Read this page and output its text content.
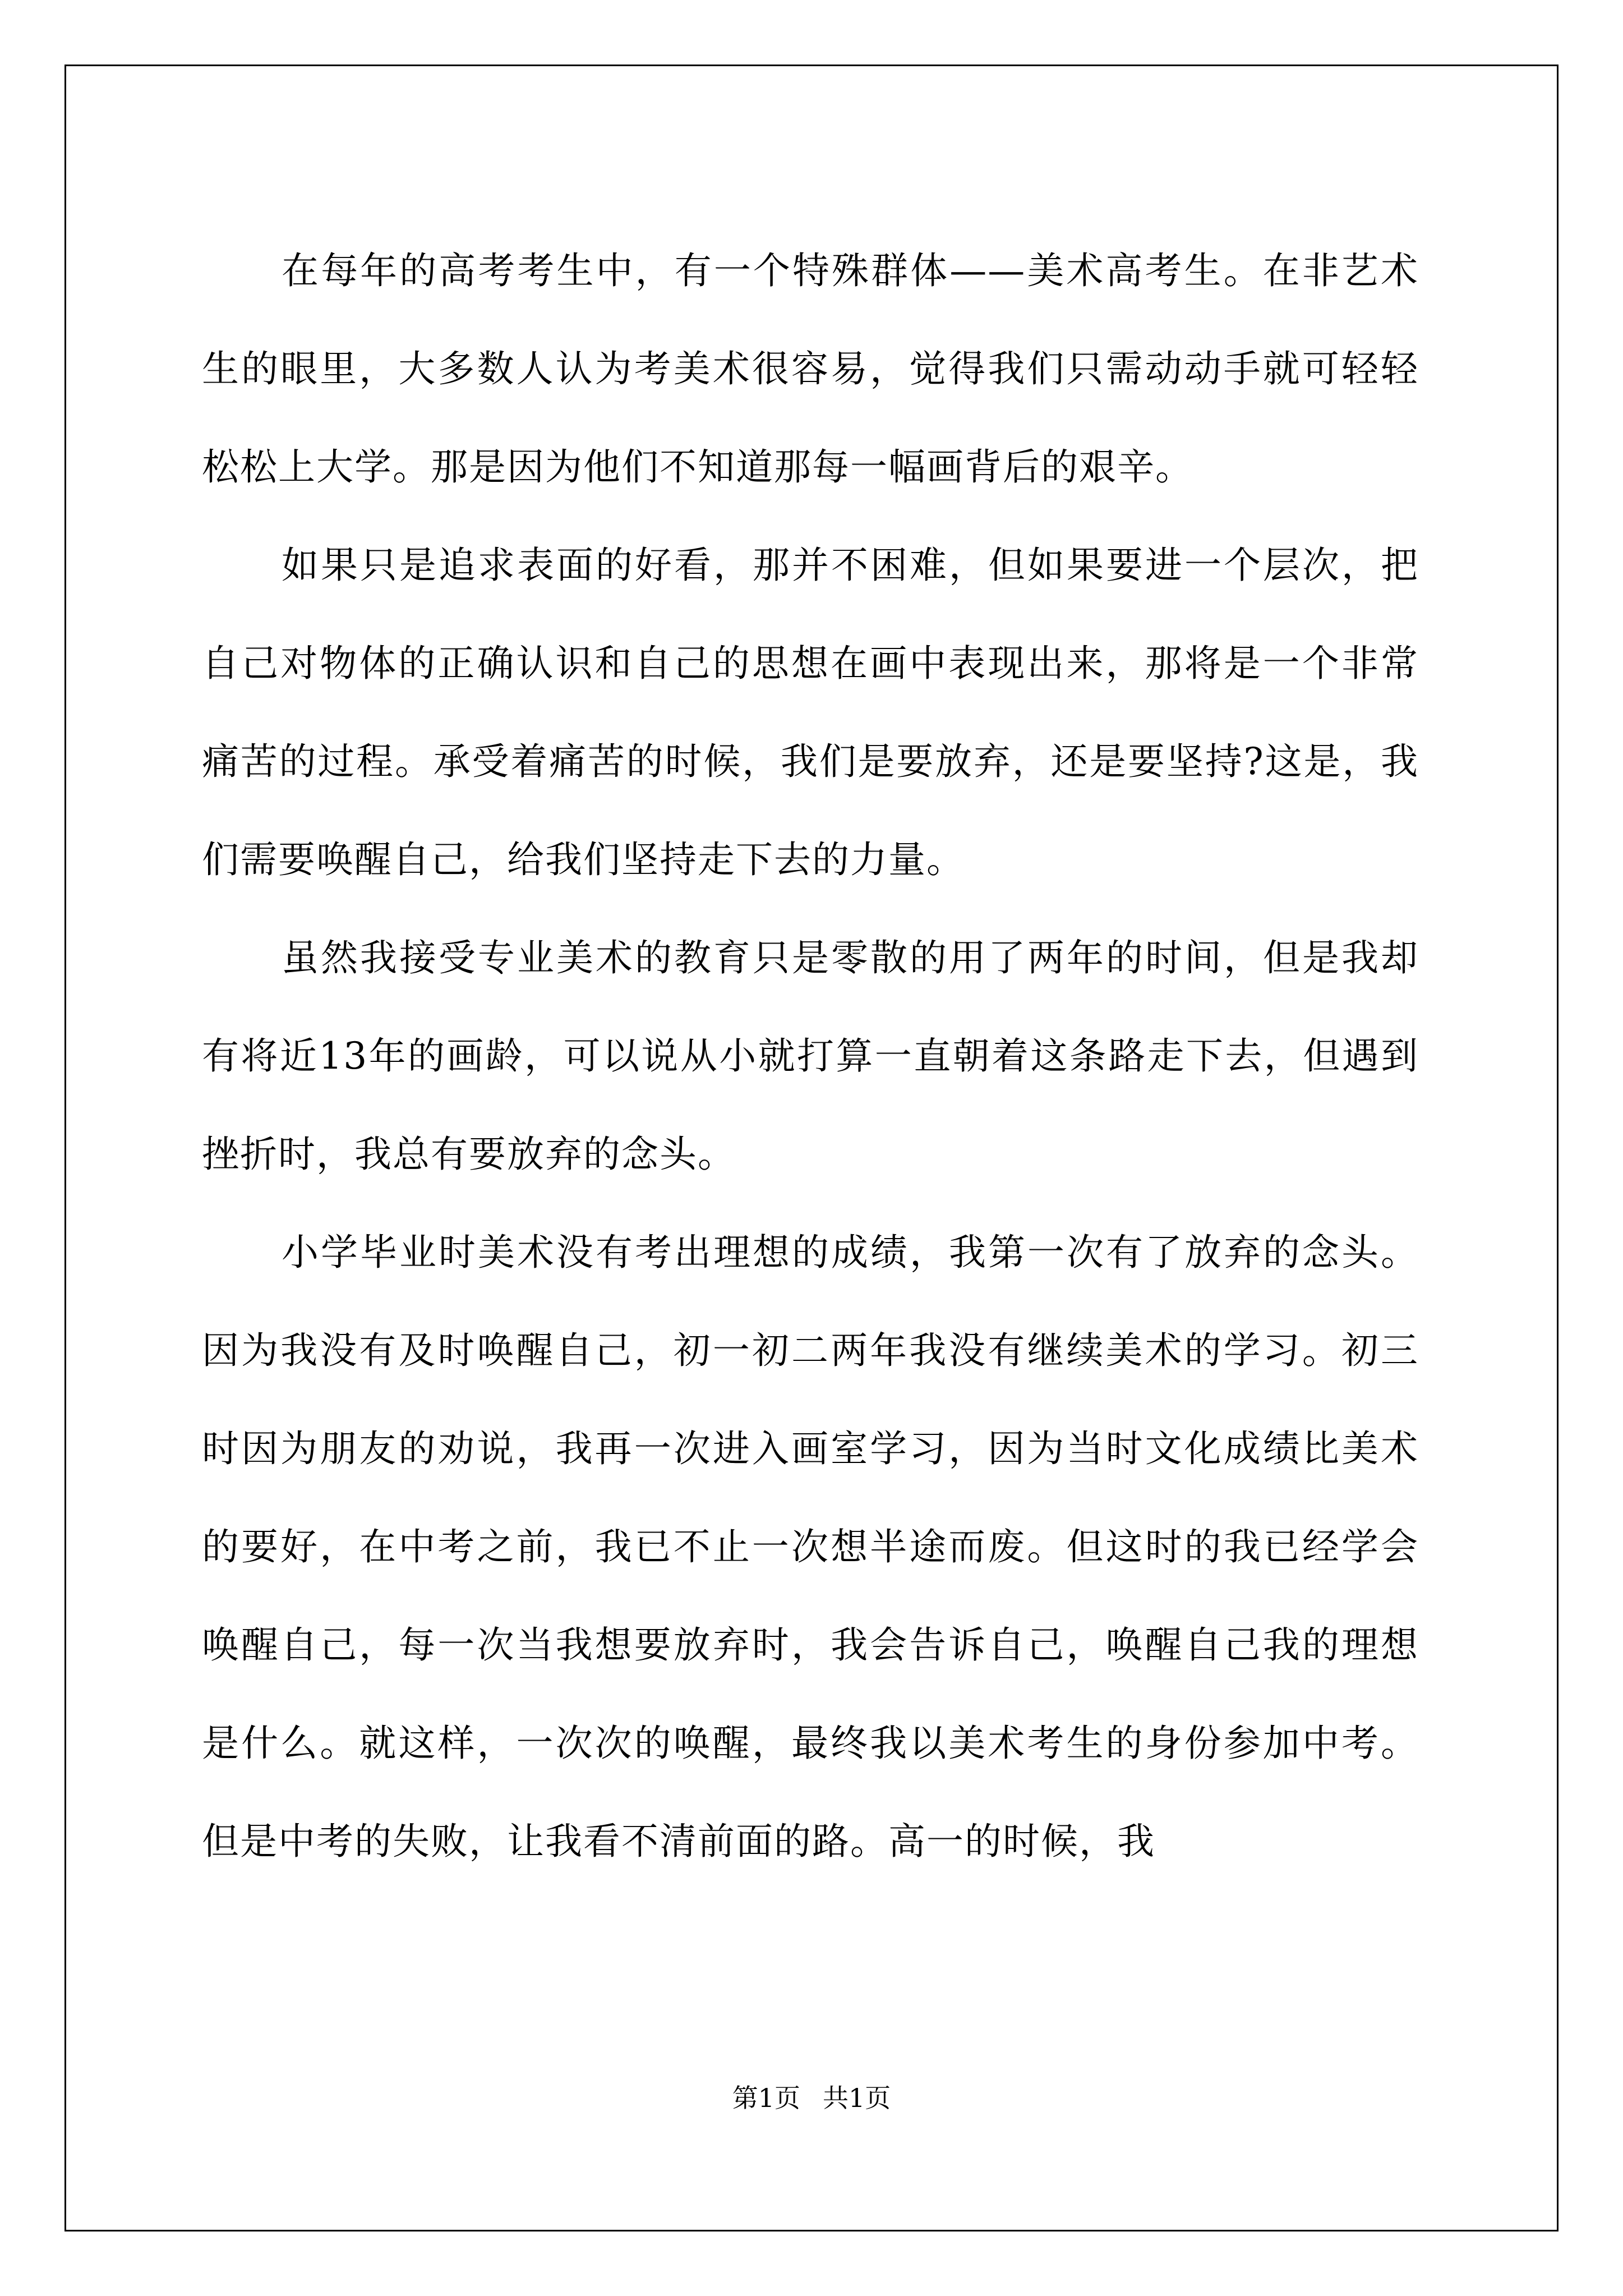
在每年的高考考生中，有一个特殊群体——美术高考生。在非艺术生的眼里，大多数人认为考美术很容易，觉得我们只需动动手就可轻轻松松上大学。那是因为他们不知道那每一幅画背后的艰辛。

如果只是追求表面的好看，那并不困难，但如果要进一个层次，把自己对物体的正确认识和自己的思想在画中表现出来，那将是一个非常痛苦的过程。承受着痛苦的时候，我们是要放弃，还是要坚持?这是，我们需要唤醒自己，给我们坚持走下去的力量。

虽然我接受专业美术的教育只是零散的用了两年的时间，但是我却有将近13年的画龄，可以说从小就打算一直朝着这条路走下去，但遇到挫折时，我总有要放弃的念头。

小学毕业时美术没有考出理想的成绩，我第一次有了放弃的念头。因为我没有及时唤醒自己，初一初二两年我没有继续美术的学习。初三时因为朋友的劝说，我再一次进入画室学习，因为当时文化成绩比美术的要好，在中考之前，我已不止一次想半途而废。但这时的我已经学会唤醒自己，每一次当我想要放弃时，我会告诉自己，唤醒自己我的理想是什么。就这样，一次次的唤醒，最终我以美术考生的身份参加中考。但是中考的失败，让我看不清前面的路。高一的时候，我

第1页 共1页
